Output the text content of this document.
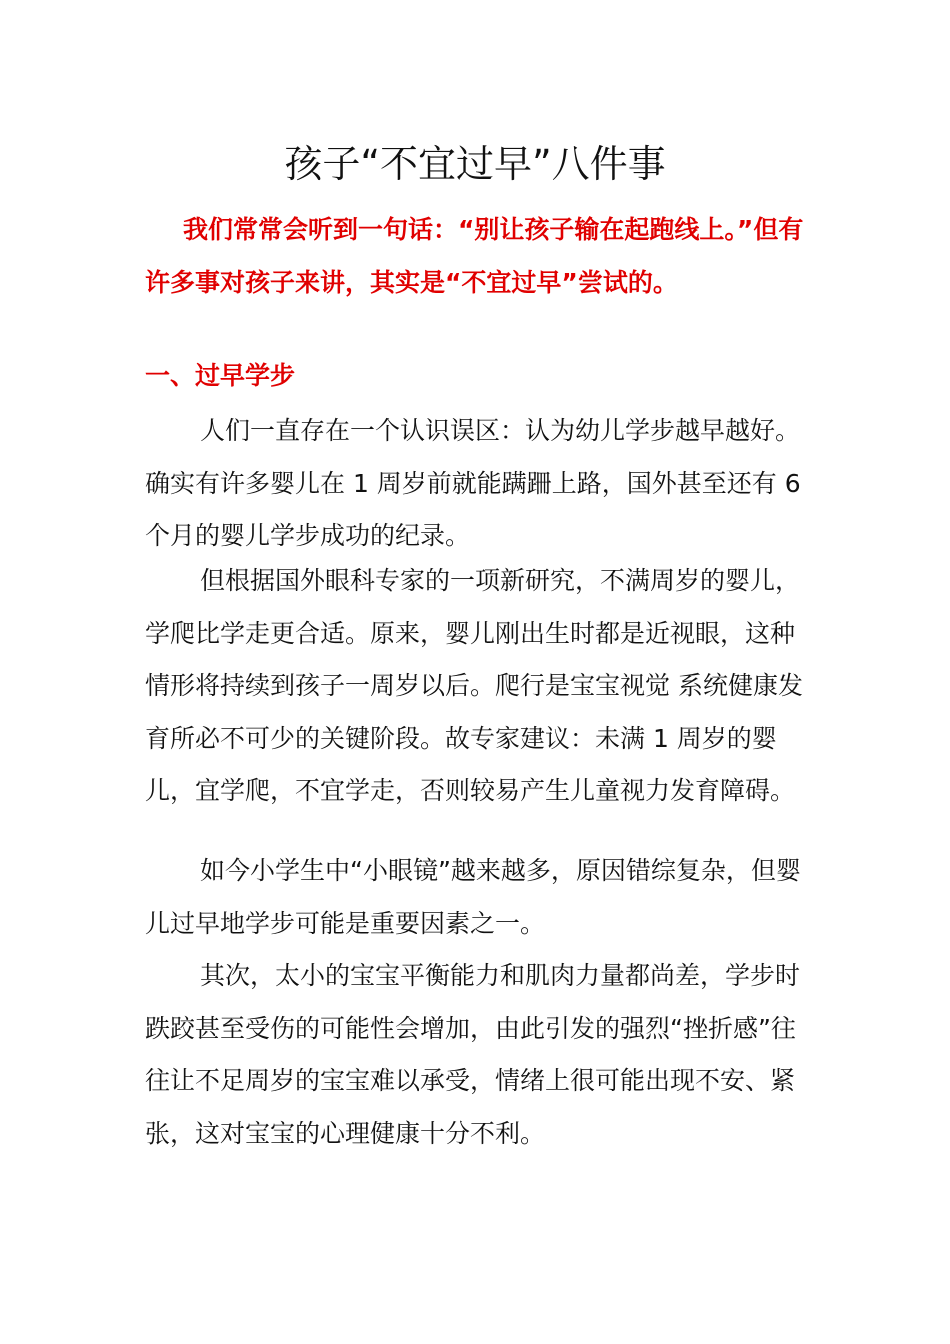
孩子“不宜过早”八件事

我们常常会听到一句话：“别让孩子输在起跑线上。”但有许多事对孩子来讲，其实是“不宜过早”尝试的。

一、过早学步

人们一直存在一个认识误区：认为幼儿学步越早越好。确实有许多婴儿在 1 周岁前就能蹒跚上路，国外甚至还有 6 个月的婴儿学步成功的纪录。

但根据国外眼科专家的一项新研究，不满周岁的婴儿，学爬比学走更合适。原来，婴儿刚出生时都是近视眼，这种情形将持续到孩子一周岁以后。爬行是宝宝视觉 系统健康发育所必不可少的关键阶段。故专家建议：未满 1 周岁的婴儿，宜学爬，不宜学走，否则较易产生儿童视力发育障碍。

如今小学生中“小眼镜”越来越多，原因错综复杂，但婴儿过早地学步可能是重要因素之一。

其次，太小的宝宝平衡能力和肌肉力量都尚差，学步时跌跤甚至受伤的可能性会增加，由此引发的强烈“挫折感”往往让不足周岁的宝宝难以承受，情绪上很可能出现不安、紧张，这对宝宝的心理健康十分不利。
